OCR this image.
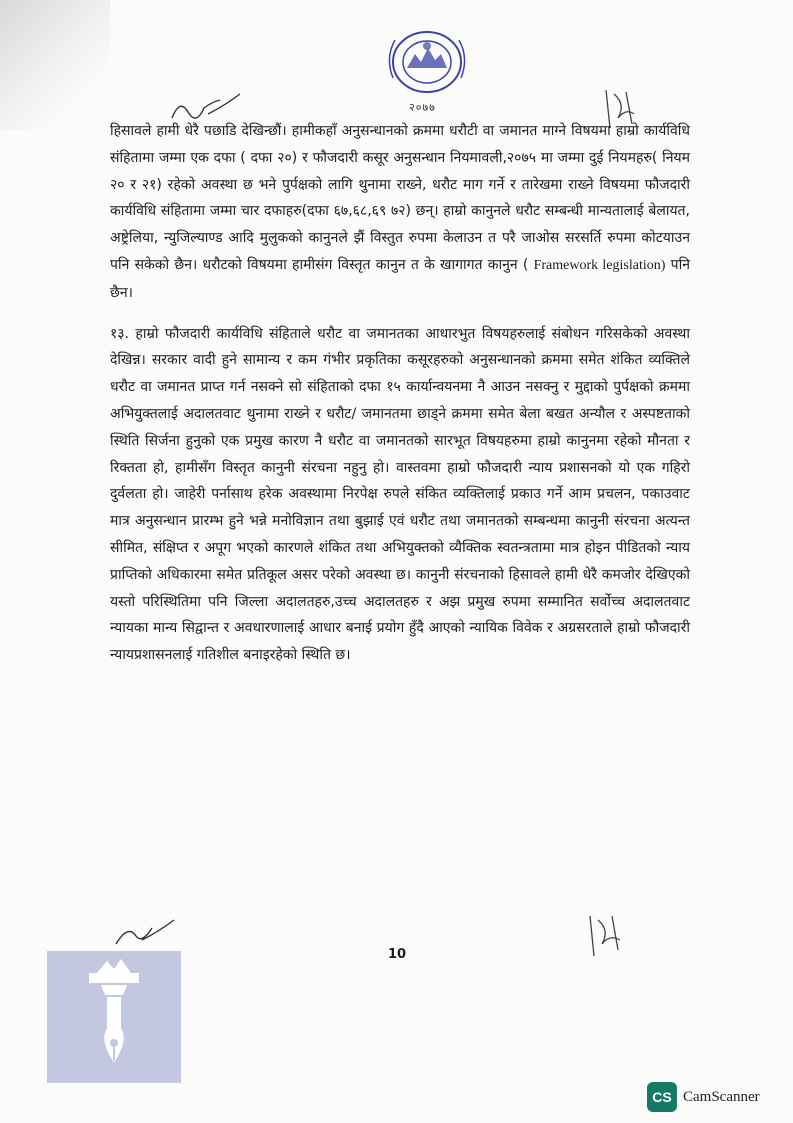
२०७७

हिसावले हामी धेरै पछाडि देखिन्छौं। हामीकहाँ अनुसन्धानको क्रममा धरौटी वा जमानत माग्ने विषयमा हाम्रो कार्यविधि संहितामा जम्मा एक दफा ( दफा २०) र फौजदारी कसूर अनुसन्धान नियमावली,२०७५ मा जम्मा दुई नियमहरु( नियम २० र २१) रहेको अवस्था छ भने पुर्पक्षको लागि थुनामा राख्ने, धरौट माग गर्ने र तारेखमा राख्ने विषयमा फौजदारी कार्यविधि संहितामा जम्मा चार दफाहरु(दफा ६७,६८,६९ ७२) छन्। हाम्रो कानुनले धरौट सम्बन्धी मान्यतालाई बेलायत, अष्ट्रेलिया, न्युजिल्याण्ड आदि मुलुकको कानुनले झैं विस्तुत रुपमा केलाउन त परै जाओस सरसर्ति रुपमा कोटयाउन पनि सकेको छैन। धरौटको विषयमा हामीसंग विस्तृत कानुन त के खागागत कानुन ( Framework legislation) पनि छैन।

१३. हाम्रो फौजदारी कार्यविधि संहिताले धरौट वा जमानतका आधारभुत विषयहरुलाई संबोधन गरिसकेको अवस्था देखिन्न। सरकार वादी हुने सामान्य र कम गंभीर प्रकृतिका कसूरहरुको अनुसन्धानको क्रममा समेत शंकित व्यक्तिले धरौट वा जमानत प्राप्त गर्न नसक्ने सो संहिताको दफा १५ कार्यान्वयनमा नै आउन नसक्नु र मुद्दाको पुर्पक्षको क्रममा अभियुक्तलाई अदालतवाट थुनामा राख्ने र धरौट/ जमानतमा छाड्ने क्रममा समेत बेला बखत अन्यौल र अस्पष्टताको स्थिति सिर्जना हुनुको एक प्रमुख कारण नै धरौट वा जमानतको सारभूत विषयहरुमा हाम्रो कानुनमा रहेको मौनता र रिक्तता हो, हामीसँग विस्तृत कानुनी संरचना नहुनु हो। वास्तवमा हाम्रो फौजदारी न्याय प्रशासनको यो एक गहिरो दुर्वलता हो। जाहेरी पर्नासाथ हरेक अवस्थामा निरपेक्ष रुपले संकित व्यक्तिलाई प्रकाउ गर्ने आम प्रचलन, पकाउवाट मात्र अनुसन्धान प्रारम्भ हुने भन्ने मनोविज्ञान तथा बुझाई एवं धरौट तथा जमानतको सम्बन्धमा कानुनी संरचना अत्यन्त सीमित, संक्षिप्त र अपूग भएको कारणले शंकित तथा अभियुक्तको व्यैक्तिक स्वतन्त्रतामा मात्र होइन पीडितको न्याय प्राप्तिको अधिकारमा समेत प्रतिकूल असर परेको अवस्था छ। कानुनी संरचनाको हिसावले हामी धेरै कमजोर देखिएको यस्तो परिस्थितिमा पनि जिल्ला अदालतहरु,उच्च अदालतहरु र अझ प्रमुख रुपमा सम्मानित सर्वोच्च अदालतवाट न्यायका मान्य सिद्वान्त र अवधारणालाई आधार बनाई प्रयोग हुँदै आएको न्यायिक विवेक र अग्रसरताले हाम्रो फौजदारी न्यायप्रशासनलाई गतिशील बनाइरहेको स्थिति छ।

10
CS CamScanner
